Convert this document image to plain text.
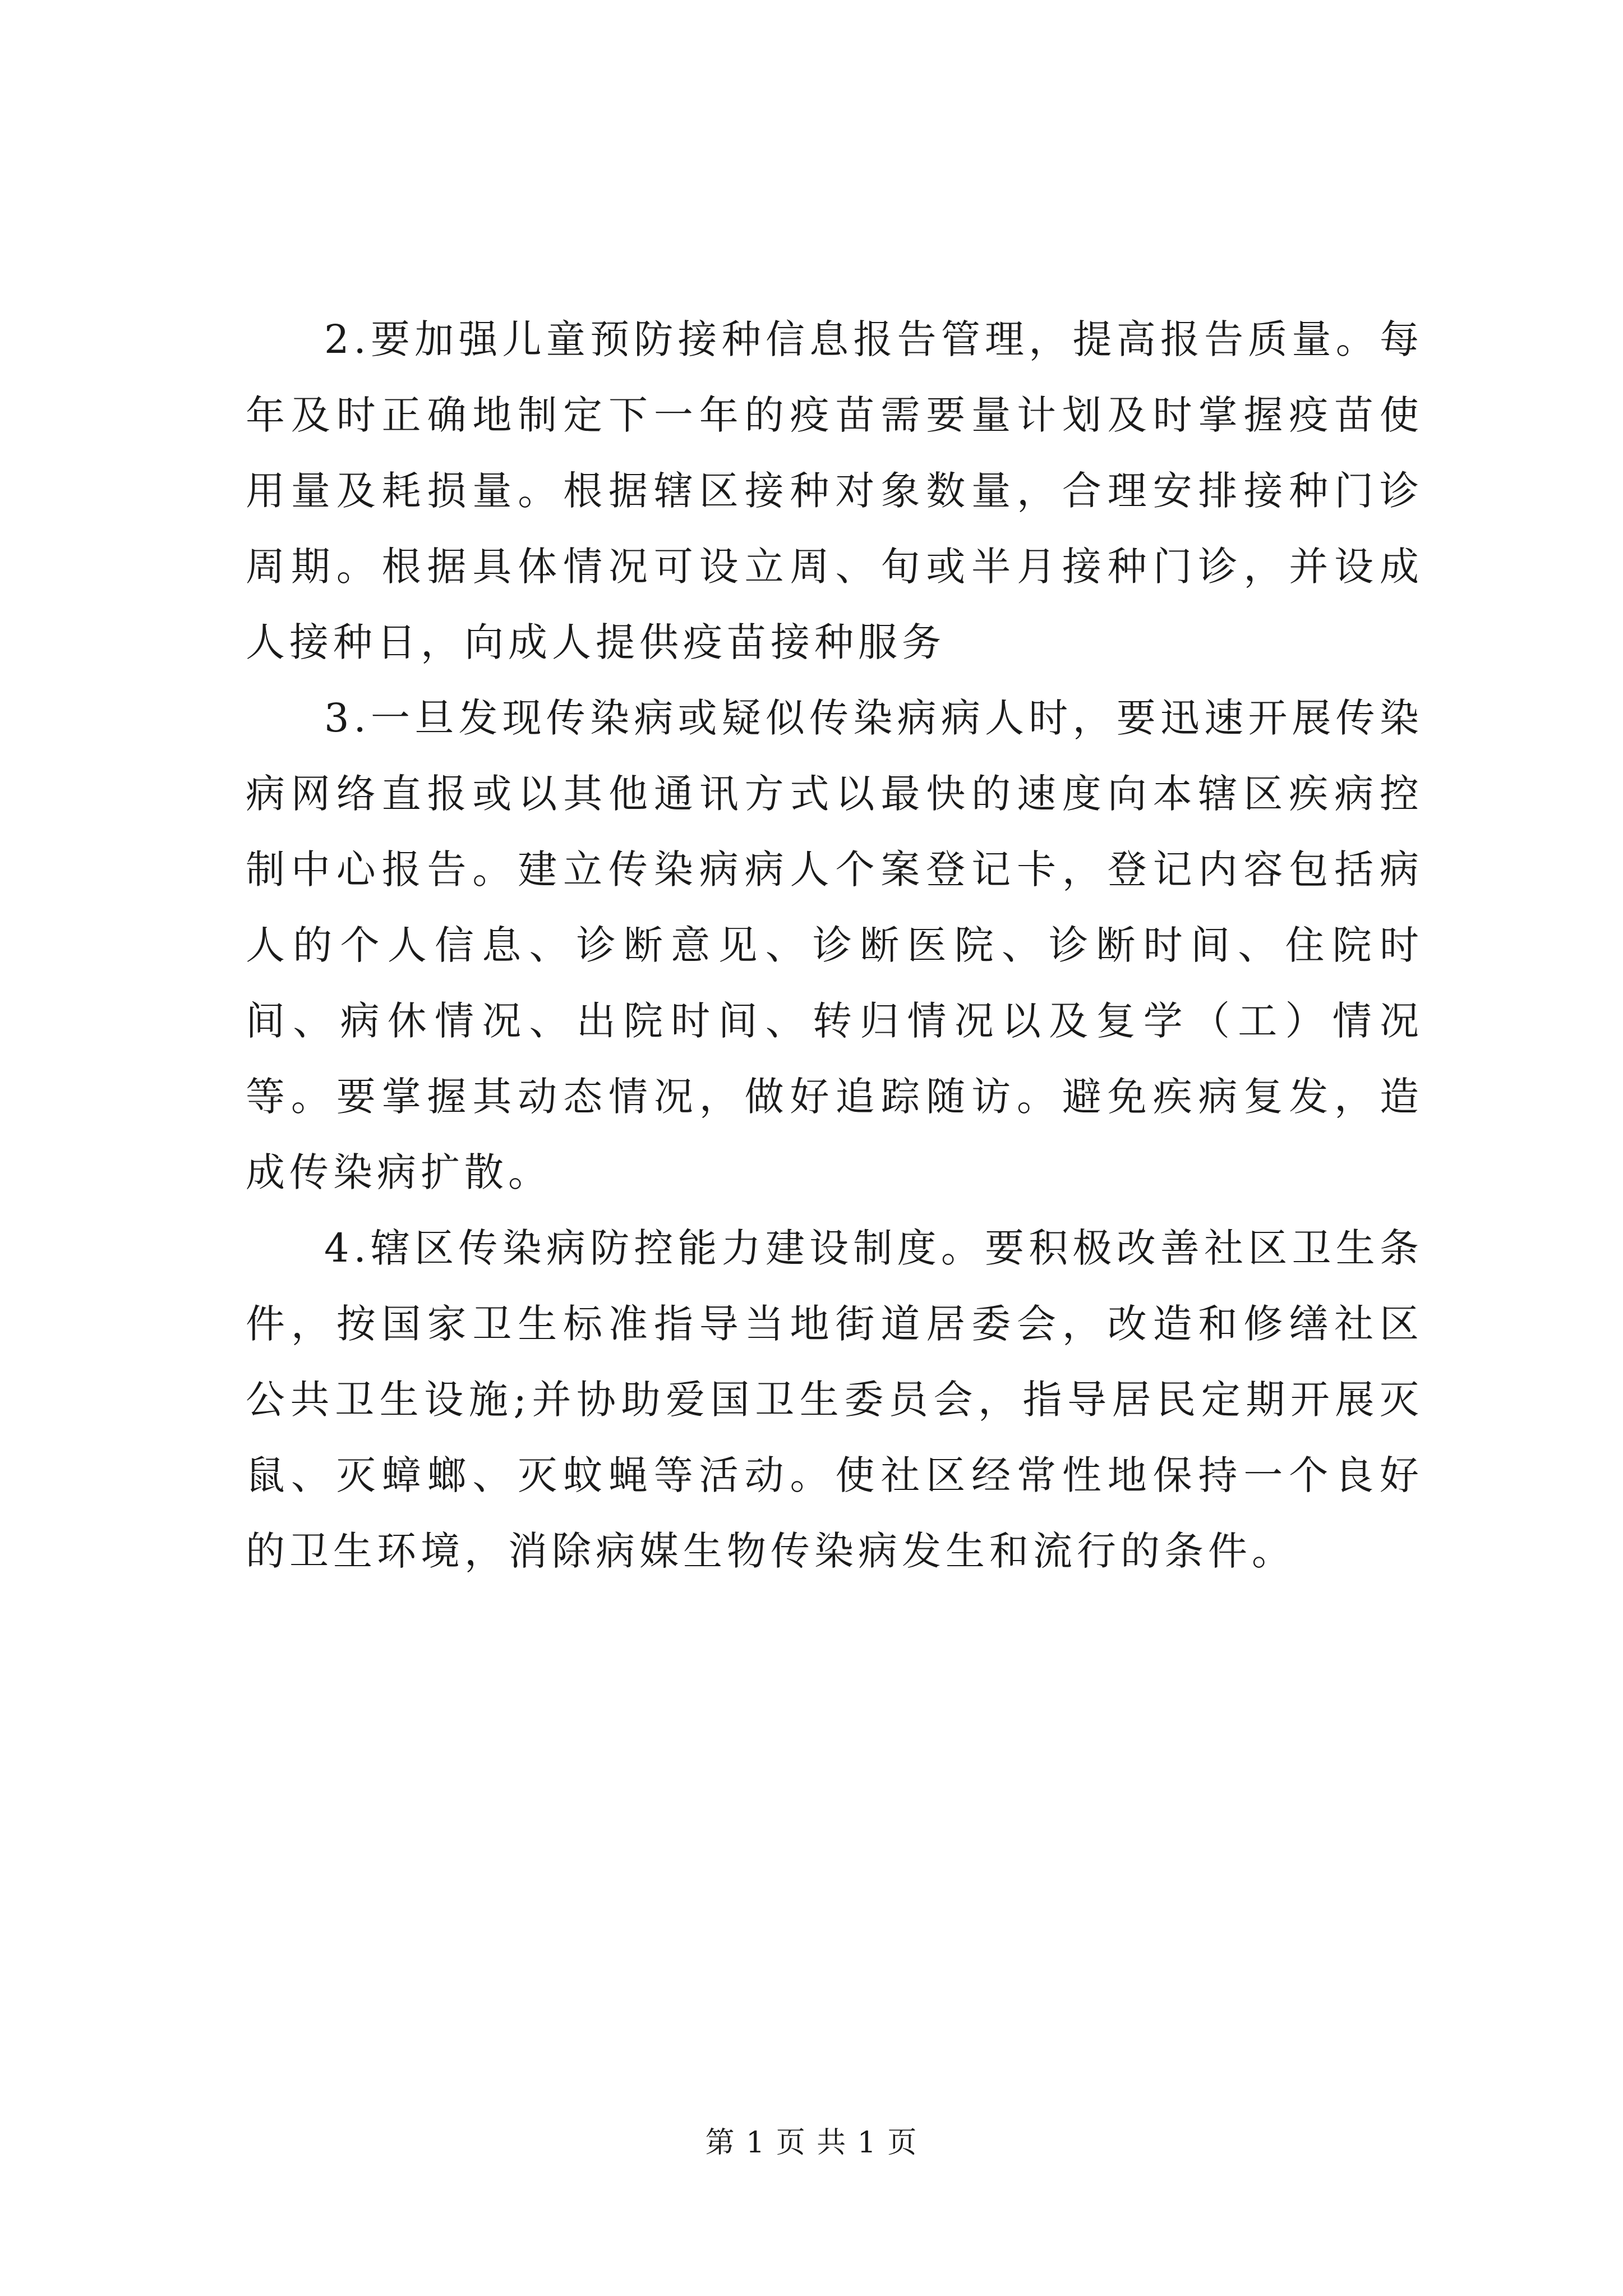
2.要加强儿童预防接种信息报告管理，提高报告质量。每年及时正确地制定下一年的疫苗需要量计划及时掌握疫苗使用量及耗损量。根据辖区接种对象数量，合理安排接种门诊周期。根据具体情况可设立周、旬或半月接种门诊，并设成人接种日，向成人提供疫苗接种服务

3.一旦发现传染病或疑似传染病病人时，要迅速开展传染病网络直报或以其他通讯方式以最快的速度向本辖区疾病控制中心报告。建立传染病病人个案登记卡，登记内容包括病人的个人信息、诊断意见、诊断医院、诊断时间、住院时间、病休情况、出院时间、转归情况以及复学（工）情况等。要掌握其动态情况，做好追踪随访。避免疾病复发，造成传染病扩散。

4.辖区传染病防控能力建设制度。要积极改善社区卫生条件，按国家卫生标准指导当地街道居委会，改造和修缮社区公共卫生设施;并协助爱国卫生委员会，指导居民定期开展灭鼠、灭蟑螂、灭蚊蝇等活动。使社区经常性地保持一个良好的卫生环境，消除病媒生物传染病发生和流行的条件。

第 1 页 共 1 页
